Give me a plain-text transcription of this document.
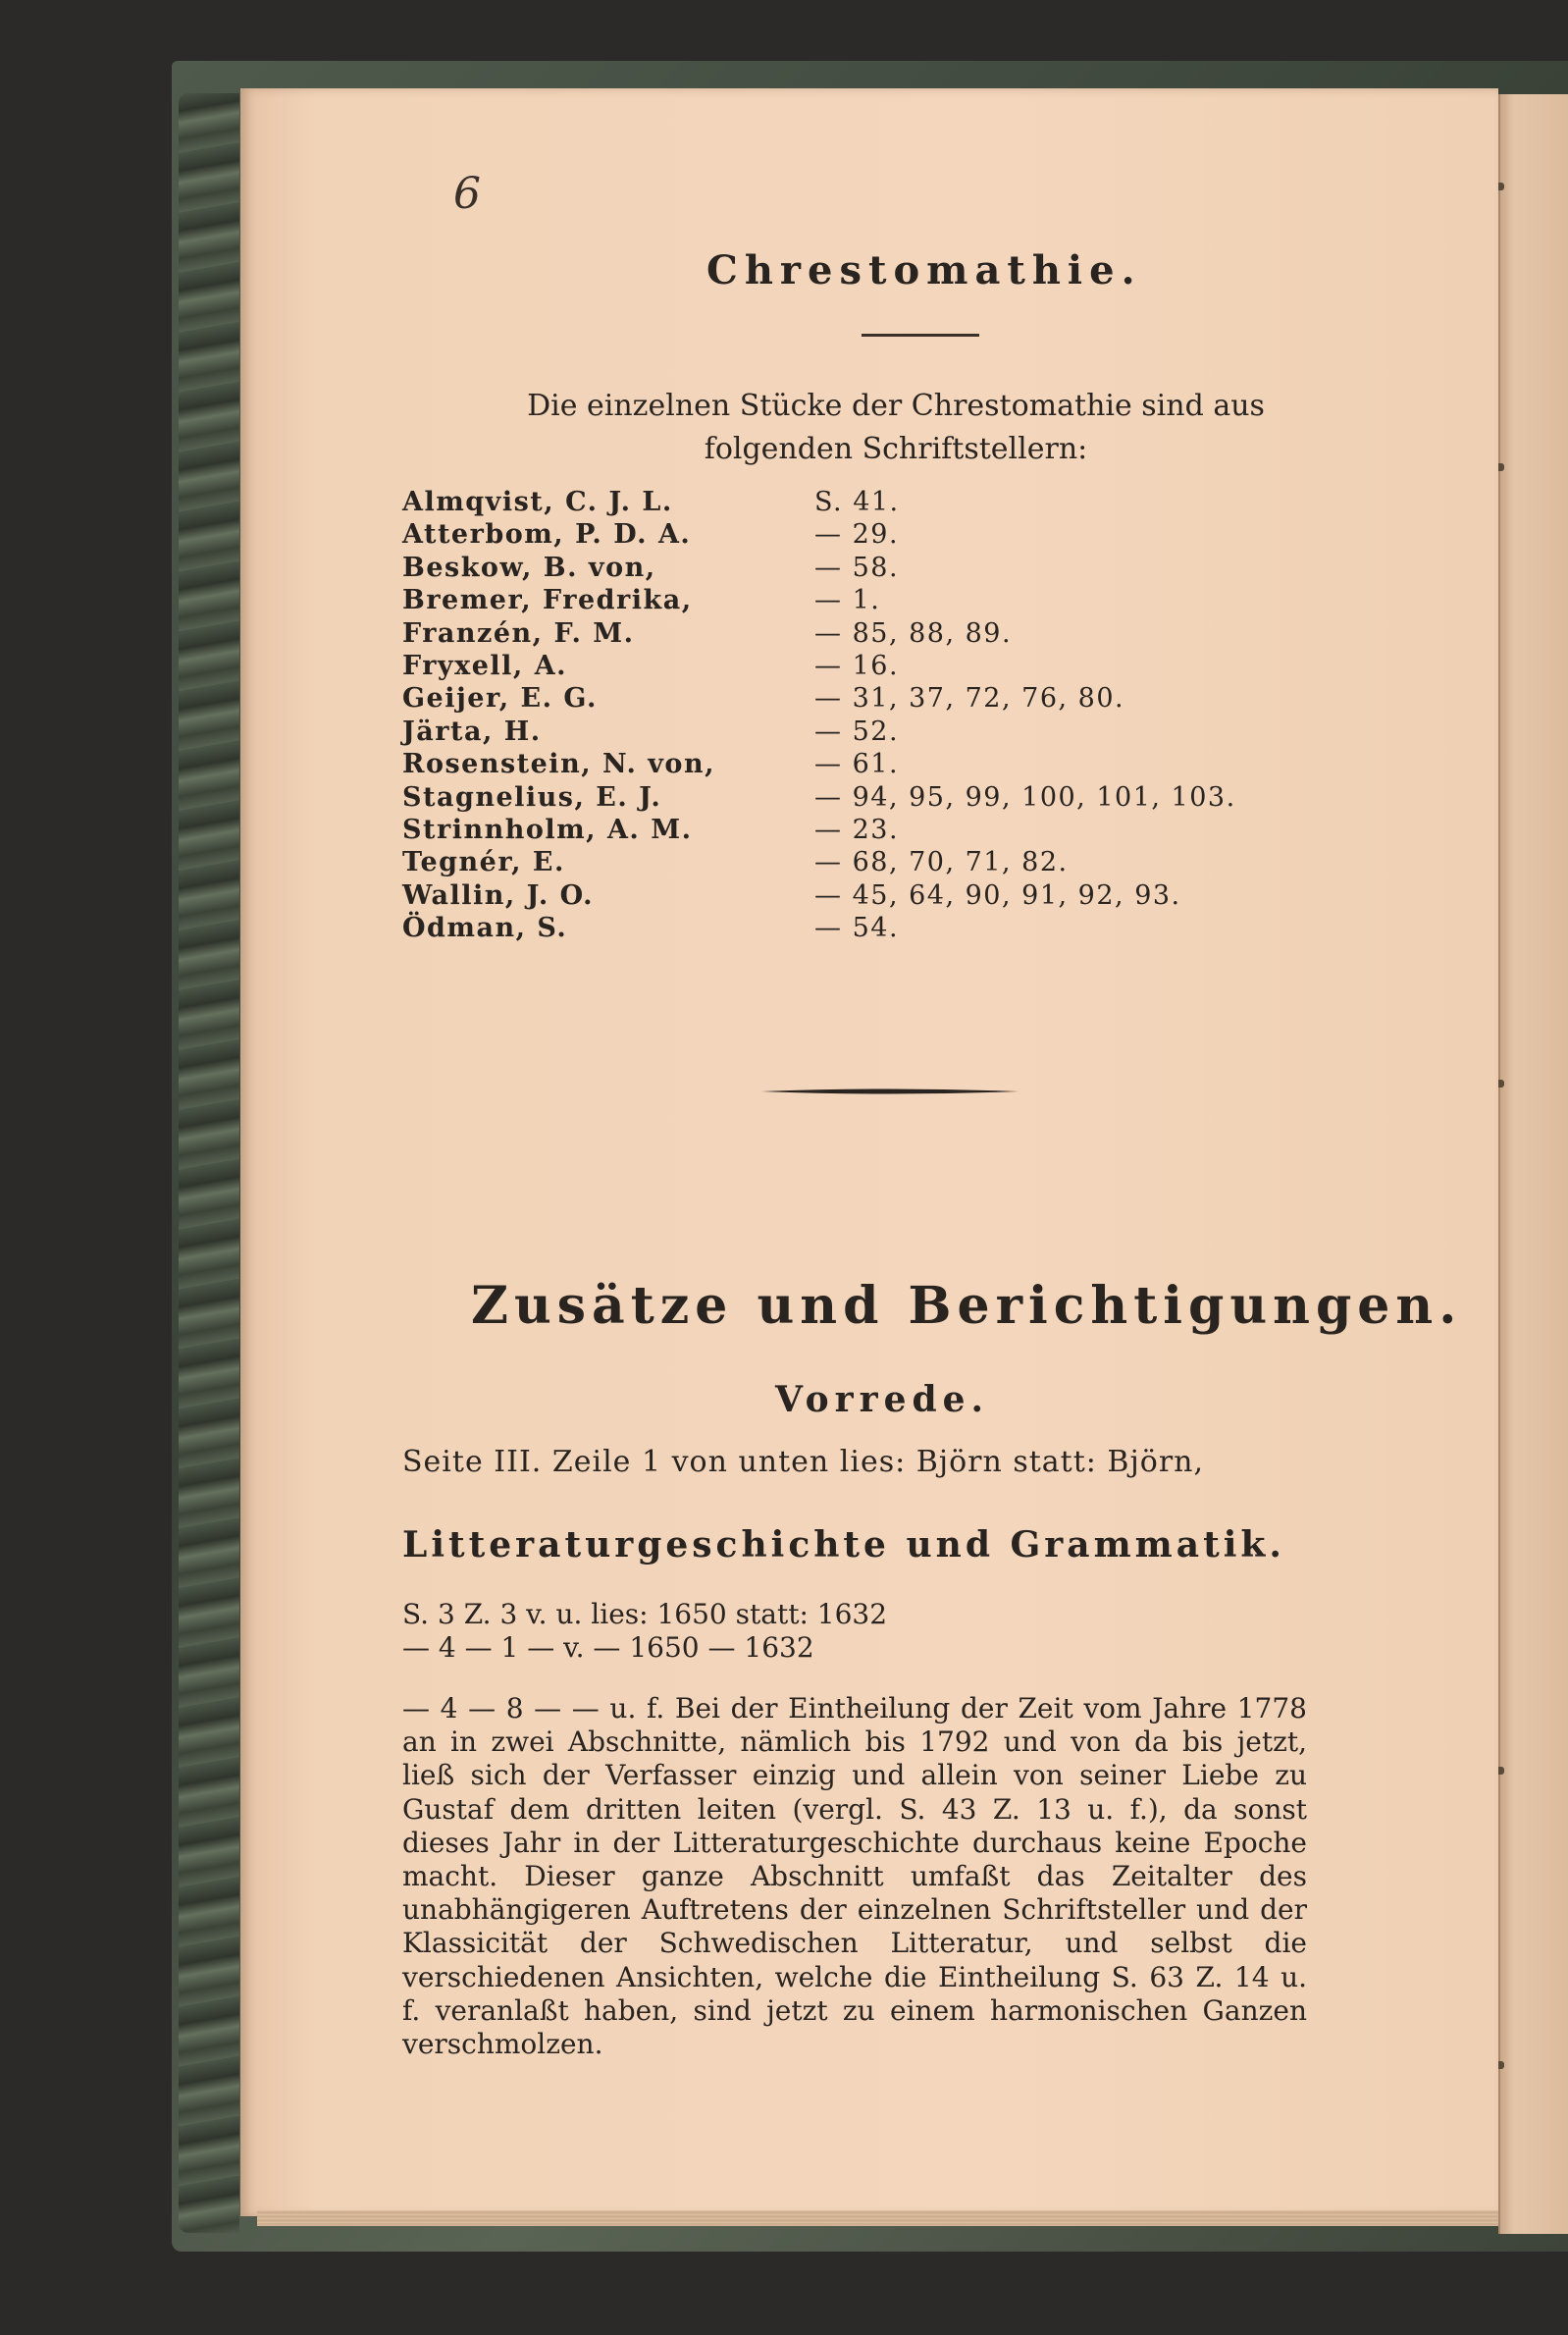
6

Chrestomathie.

Die einzelnen Stücke der Chrestomathie sind aus folgenden Schriftstellern:

Almqvist, C. J. L.	S. 41.
Atterbom, P. D. A.	— 29.
Beskow, B. von,	— 58.
Bremer, Fredrika,	— 1.
Franzén, F. M.	— 85, 88, 89.
Fryxell, A.	— 16.
Geijer, E. G.	— 31, 37, 72, 76, 80.
Järta, H.	— 52.
Rosenstein, N. von,	— 61.
Stagnelius, E. J.	— 94, 95, 99, 100, 101, 103.
Strinnholm, A. M.	— 23.
Tegnér, E.	— 68, 70, 71, 82.
Wallin, J. O.	— 45, 64, 90, 91, 92, 93.
Ödman, S.	— 54.

Zusätze und Berichtigungen.

Vorrede.

Seite III. Zeile 1 von unten lies: Björn statt: Björn,

Litteraturgeschichte und Grammatik.

S. 3 Z. 3 v. u. lies: 1650 statt: 1632
— 4 — 1 — v. — 1650 — 1632

— 4 — 8 — — u. f. Bei der Eintheilung der Zeit vom Jahre 1778 an in zwei Abschnitte, nämlich bis 1792 und von da bis jetzt, ließ sich der Verfasser einzig und allein von seiner Liebe zu Gustaf dem dritten leiten (vergl. S. 43 Z. 13 u. f.), da sonst dieses Jahr in der Litteraturgeschichte durchaus keine Epoche macht. Dieser ganze Abschnitt umfaßt das Zeitalter des unabhängigeren Auftretens der einzelnen Schriftsteller und der Klassicität der Schwedischen Litteratur, und selbst die verschiedenen Ansichten, welche die Eintheilung S. 63 Z. 14 u. f. veranlaßt haben, sind jetzt zu einem harmonischen Ganzen verschmolzen.
